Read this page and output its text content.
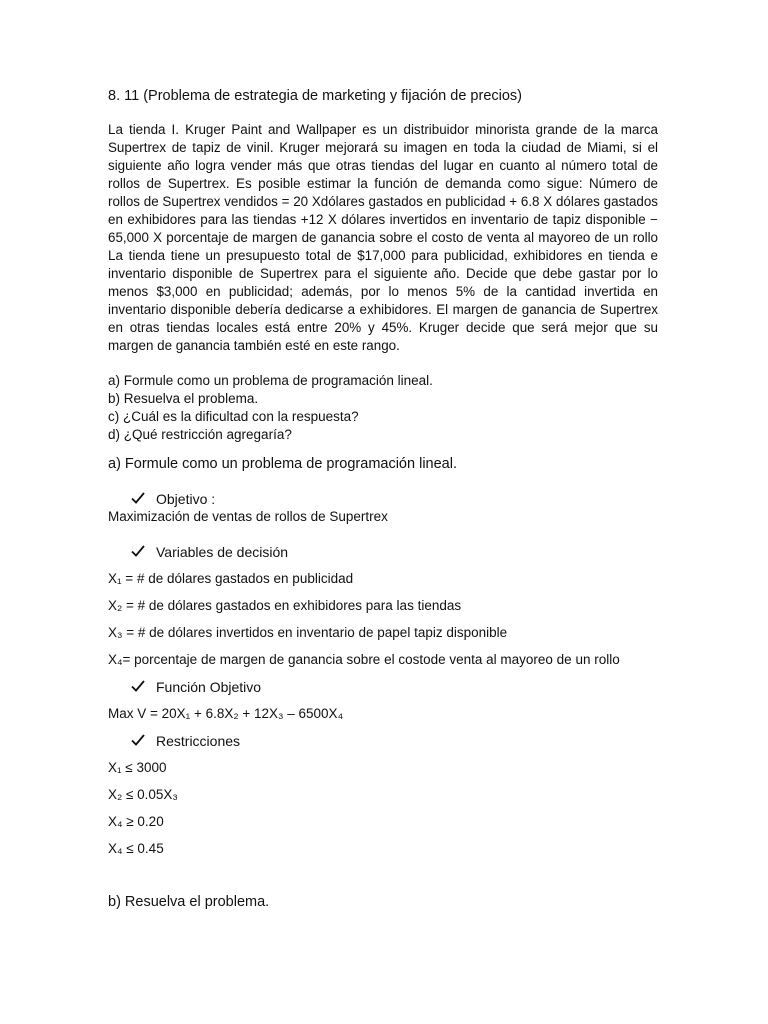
8. 11 (Problema de estrategia de marketing y fijación de precios)
La tienda I. Kruger Paint and Wallpaper es un distribuidor minorista grande de la marca Supertrex de tapiz de vinil. Kruger mejorará su imagen en toda la ciudad de Miami, si el siguiente año logra vender más que otras tiendas del lugar en cuanto al número total de rollos de Supertrex. Es posible estimar la función de demanda como sigue: Número de rollos de Supertrex vendidos = 20 Xdólares gastados en publicidad + 6.8 X dólares gastados en exhibidores para las tiendas +12 X dólares invertidos en inventario de tapiz disponible − 65,000 X porcentaje de margen de ganancia sobre el costo de venta al mayoreo de un rollo La tienda tiene un presupuesto total de $17,000 para publicidad, exhibidores en tienda e inventario disponible de Supertrex para el siguiente año. Decide que debe gastar por lo menos $3,000 en publicidad; además, por lo menos 5% de la cantidad invertida en inventario disponible debería dedicarse a exhibidores. El margen de ganancia de Supertrex en otras tiendas locales está entre 20% y 45%. Kruger decide que será mejor que su margen de ganancia también esté en este rango.
a) Formule como un problema de programación lineal.
b) Resuelva el problema.
c) ¿Cuál es la dificultad con la respuesta?
d) ¿Qué restricción agregaría?
a) Formule como un problema de programación lineal.
Objetivo :
Maximización de ventas de rollos de Supertrex
Variables de decisión
X₁ = # de dólares gastados en publicidad
X₂ = # de dólares gastados en exhibidores para las tiendas
X₃ = # de dólares invertidos en inventario de papel tapiz disponible
X₄= porcentaje de margen de ganancia sobre el costode venta al mayoreo de un rollo
Función Objetivo
Max V = 20X₁ + 6.8X₂ + 12X₃ – 6500X₄
Restricciones
X₁ ≤ 3000
X₂ ≤ 0.05X₃
X₄ ≥ 0.20
X₄ ≤ 0.45
b) Resuelva el problema.
